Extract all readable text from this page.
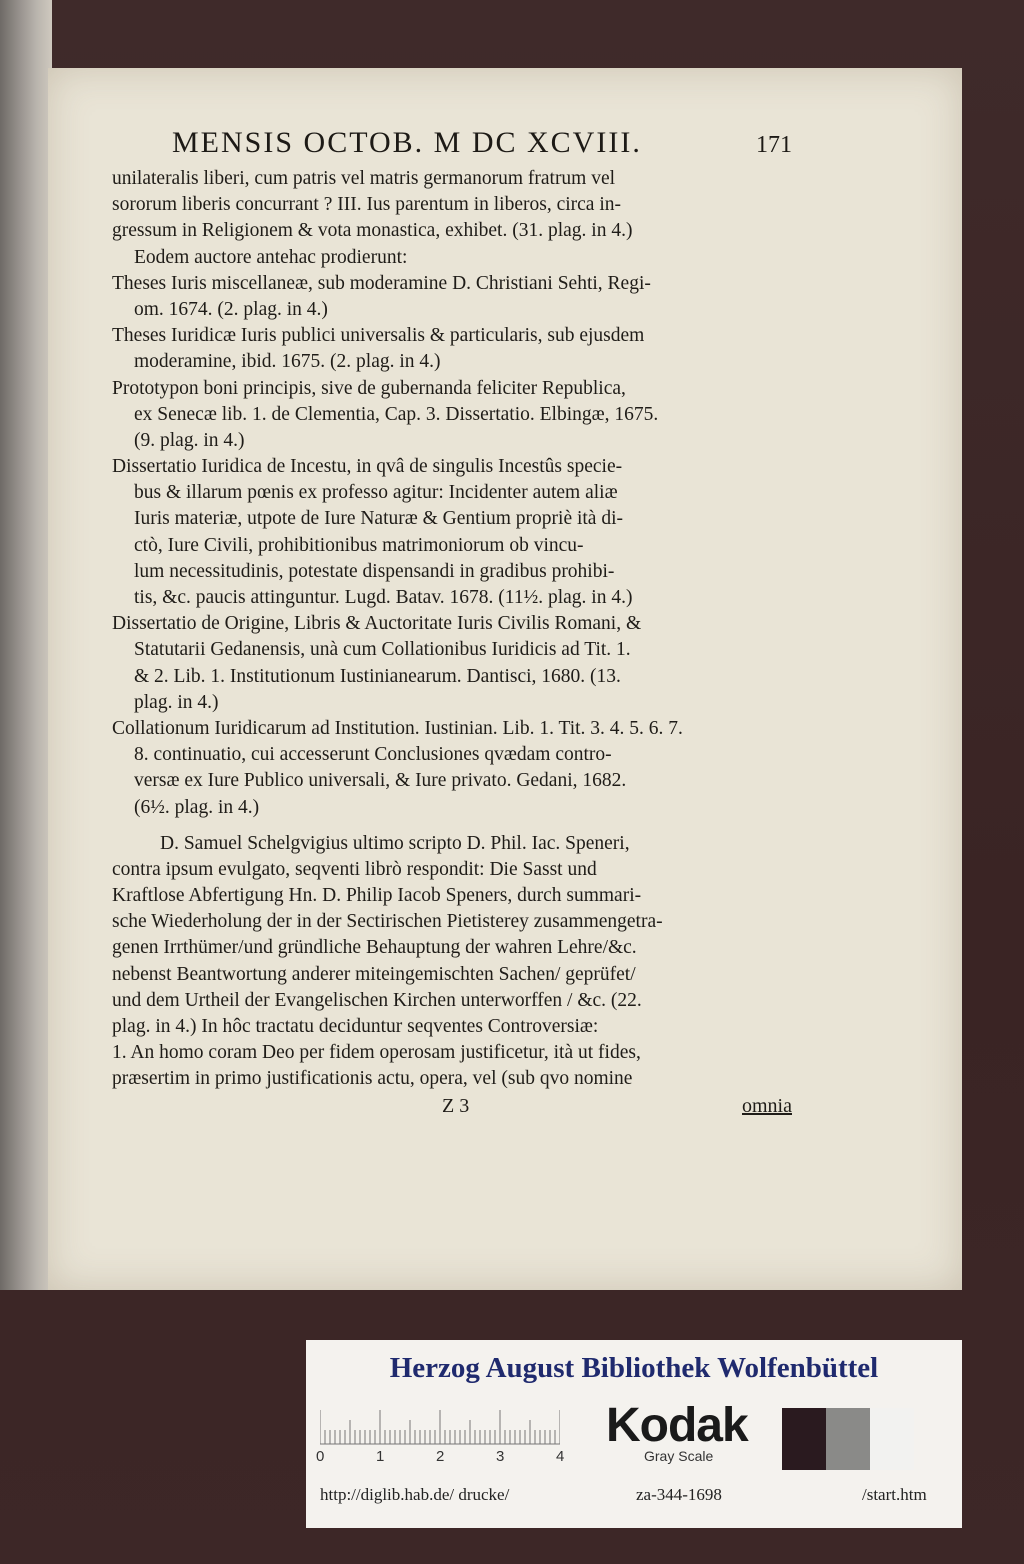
MENSIS OCTOB. M DC XCVIII.	171
unilateralis liberi, cum patris vel matris germanorum fratrum vel
sororum liberis concurrant ? III. Ius parentum in liberos, circa in-
gressum in Religionem & vota monastica, exhibet. (31. plag. in 4.)
Eodem auctore antehac prodierunt:
Theses Iuris miscellaneæ, sub moderamine D. Christiani Sehti, Regi-
om. 1674. (2. plag. in 4.)
Theses Iuridicæ Iuris publici universalis & particularis, sub ejusdem
moderamine, ibid. 1675. (2. plag. in 4.)
Prototypon boni principis, sive de gubernanda feliciter Republica,
ex Senecæ lib. 1. de Clementia, Cap. 3. Dissertatio. Elbingæ, 1675.
(9. plag. in 4.)
Dissertatio Iuridica de Incestu, in qvâ de singulis Incestûs specie-
bus & illarum pœnis ex professo agitur: Incidenter autem aliæ
Iuris materiæ, utpote de Iure Naturæ & Gentium propriè ità di-
ctò, Iure Civili, prohibitionibus matrimoniorum ob vincu-
lum necessitudinis, potestate dispensandi in gradibus prohibi-
tis, &c. paucis attinguntur. Lugd. Batav. 1678. (11½. plag. in 4.)
Dissertatio de Origine, Libris & Auctoritate Iuris Civilis Romani, &
Statutarii Gedanensis, unà cum Collationibus Iuridicis ad Tit. 1.
& 2. Lib. 1. Institutionum Iustinianearum. Dantisci, 1680. (13.
plag. in 4.)
Collationum Iuridicarum ad Institution. Iustinian. Lib. 1. Tit. 3. 4. 5. 6. 7.
8. continuatio, cui accesserunt Conclusiones qvædam contro-
versæ ex Iure Publico universali, & Iure privato. Gedani, 1682.
(6½. plag. in 4.)
D. Samuel Schelgvigius ultimo scripto D. Phil. Iac. Speneri,
contra ipsum evulgato, seqventi librò respondit: Die Sasst und
Kraftlose Abfertigung Hn. D. Philip Iacob Speners, durch summari-
sche Wiederholung der in der Sectirischen Pietisterey zusammengetra-
genen Irrthümer/und gründliche Behauptung der wahren Lehre/&c.
nebenst Beantwortung anderer miteingemischten Sachen/ geprüfet/
und dem Urtheil der Evangelischen Kirchen unterworffen / &c. (22.
plag. in 4.) In hôc tractatu deciduntur seqventes Controversiæ:
1. An homo coram Deo per fidem operosam justificetur, ità ut fides,
præsertim in primo justificationis actu, opera, vel (sub qvo nomine
Z 3	omnia
Herzog August Bibliothek Wolfenbüttel
0	1	2	3	4
Kodak
Gray Scale
http://diglib.hab.de/ drucke/	za-344-1698	/start.htm
